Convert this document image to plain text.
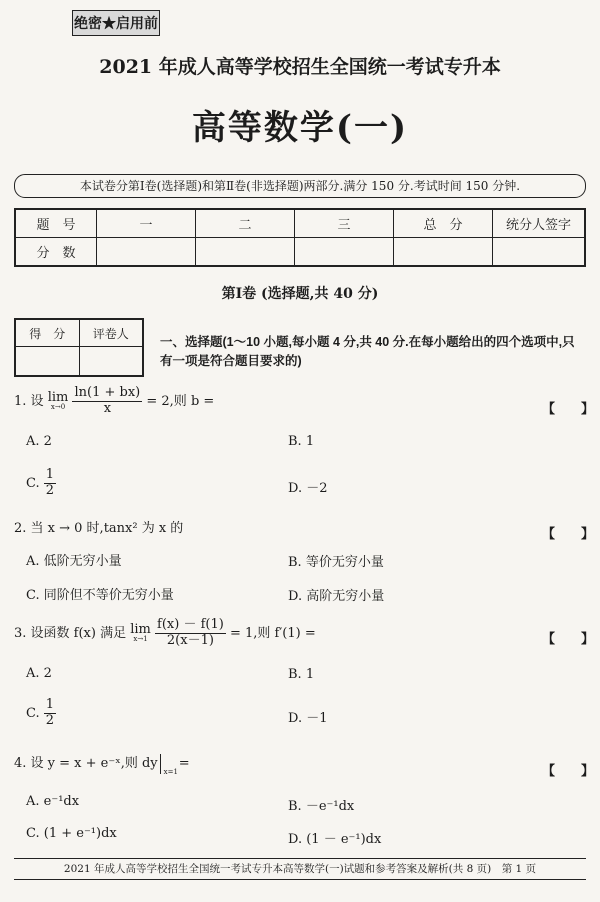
绝密★启用前
2021 年成人高等学校招生全国统一考试专升本
高等数学(一)
本试卷分第Ⅰ卷(选择题)和第Ⅱ卷(非选择题)两部分.满分 150 分.考试时间 150 分钟.
题　号	一	二	三	总　分	统分人签字
分　数					
第Ⅰ卷 (选择题,共 40 分)
得　分	评卷人

一、选择题(1～10 小题,每小题 4 分,共 40 分.在每小题给出的四个选项中,只有一项是符合题目要求的)
1. 设 lim
x→0
$\frac{\ln(1 + bx)}{x} = 2$,则 b =
【　　】
A. 2	B. 1
C. $\frac{1}{2}$	D. －2
2. 当 x → 0 时,tanx² 为 x 的	【　　】
A. 低阶无穷小量	B. 等价无穷小量
C. 同阶但不等价无穷小量	D. 高阶无穷小量
3. 设函数 f(x) 满足 lim
x→1
$\frac{f(x) - f(1)}{2(x-1)} = 1$,则 f′(1) =	【　　】
A. 2	B. 1
C. $\frac{1}{2}$	D. －1
4. 设 y = x + e⁻ˣ,则 dy
x=1
=
【　　】
A. e⁻¹dx	B. －e⁻¹dx
C. (1 + e⁻¹)dx	D. (1 － e⁻¹)dx
2021 年成人高等学校招生全国统一考试专升本高等数学(一)试题和参考答案及解析(共 8 页)　第 1 页
